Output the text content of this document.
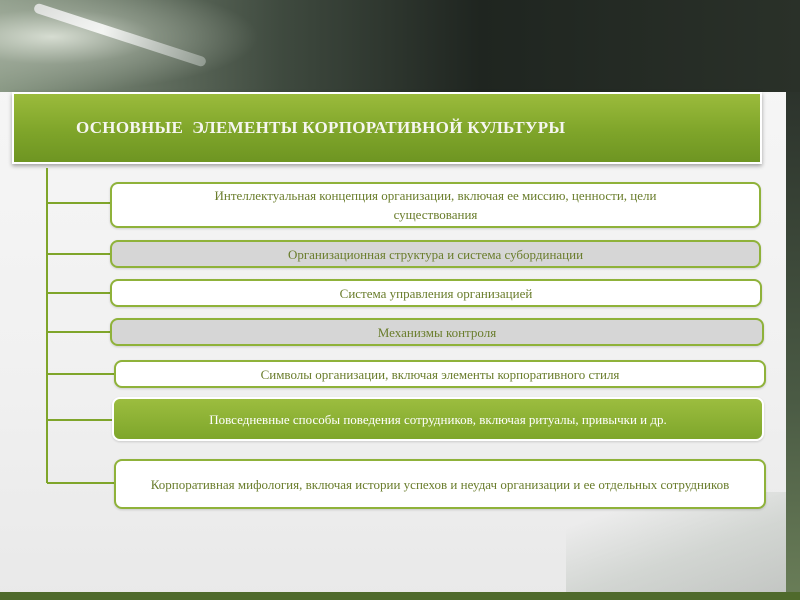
ОСНОВНЫЕ  ЭЛЕМЕНТЫ КОРПОРАТИВНОЙ КУЛЬТУРЫ
Интеллектуальная концепция организации, включая ее миссию, ценности, цели существования
Организационная структура и система субординации
Система управления организацией
Механизмы контроля
Символы организации, включая элементы корпоративного стиля
Повседневные способы поведения сотрудников, включая ритуалы, привычки и др.
Корпоративная мифология, включая истории успехов и неудач организации и ее отдельных сотрудников
